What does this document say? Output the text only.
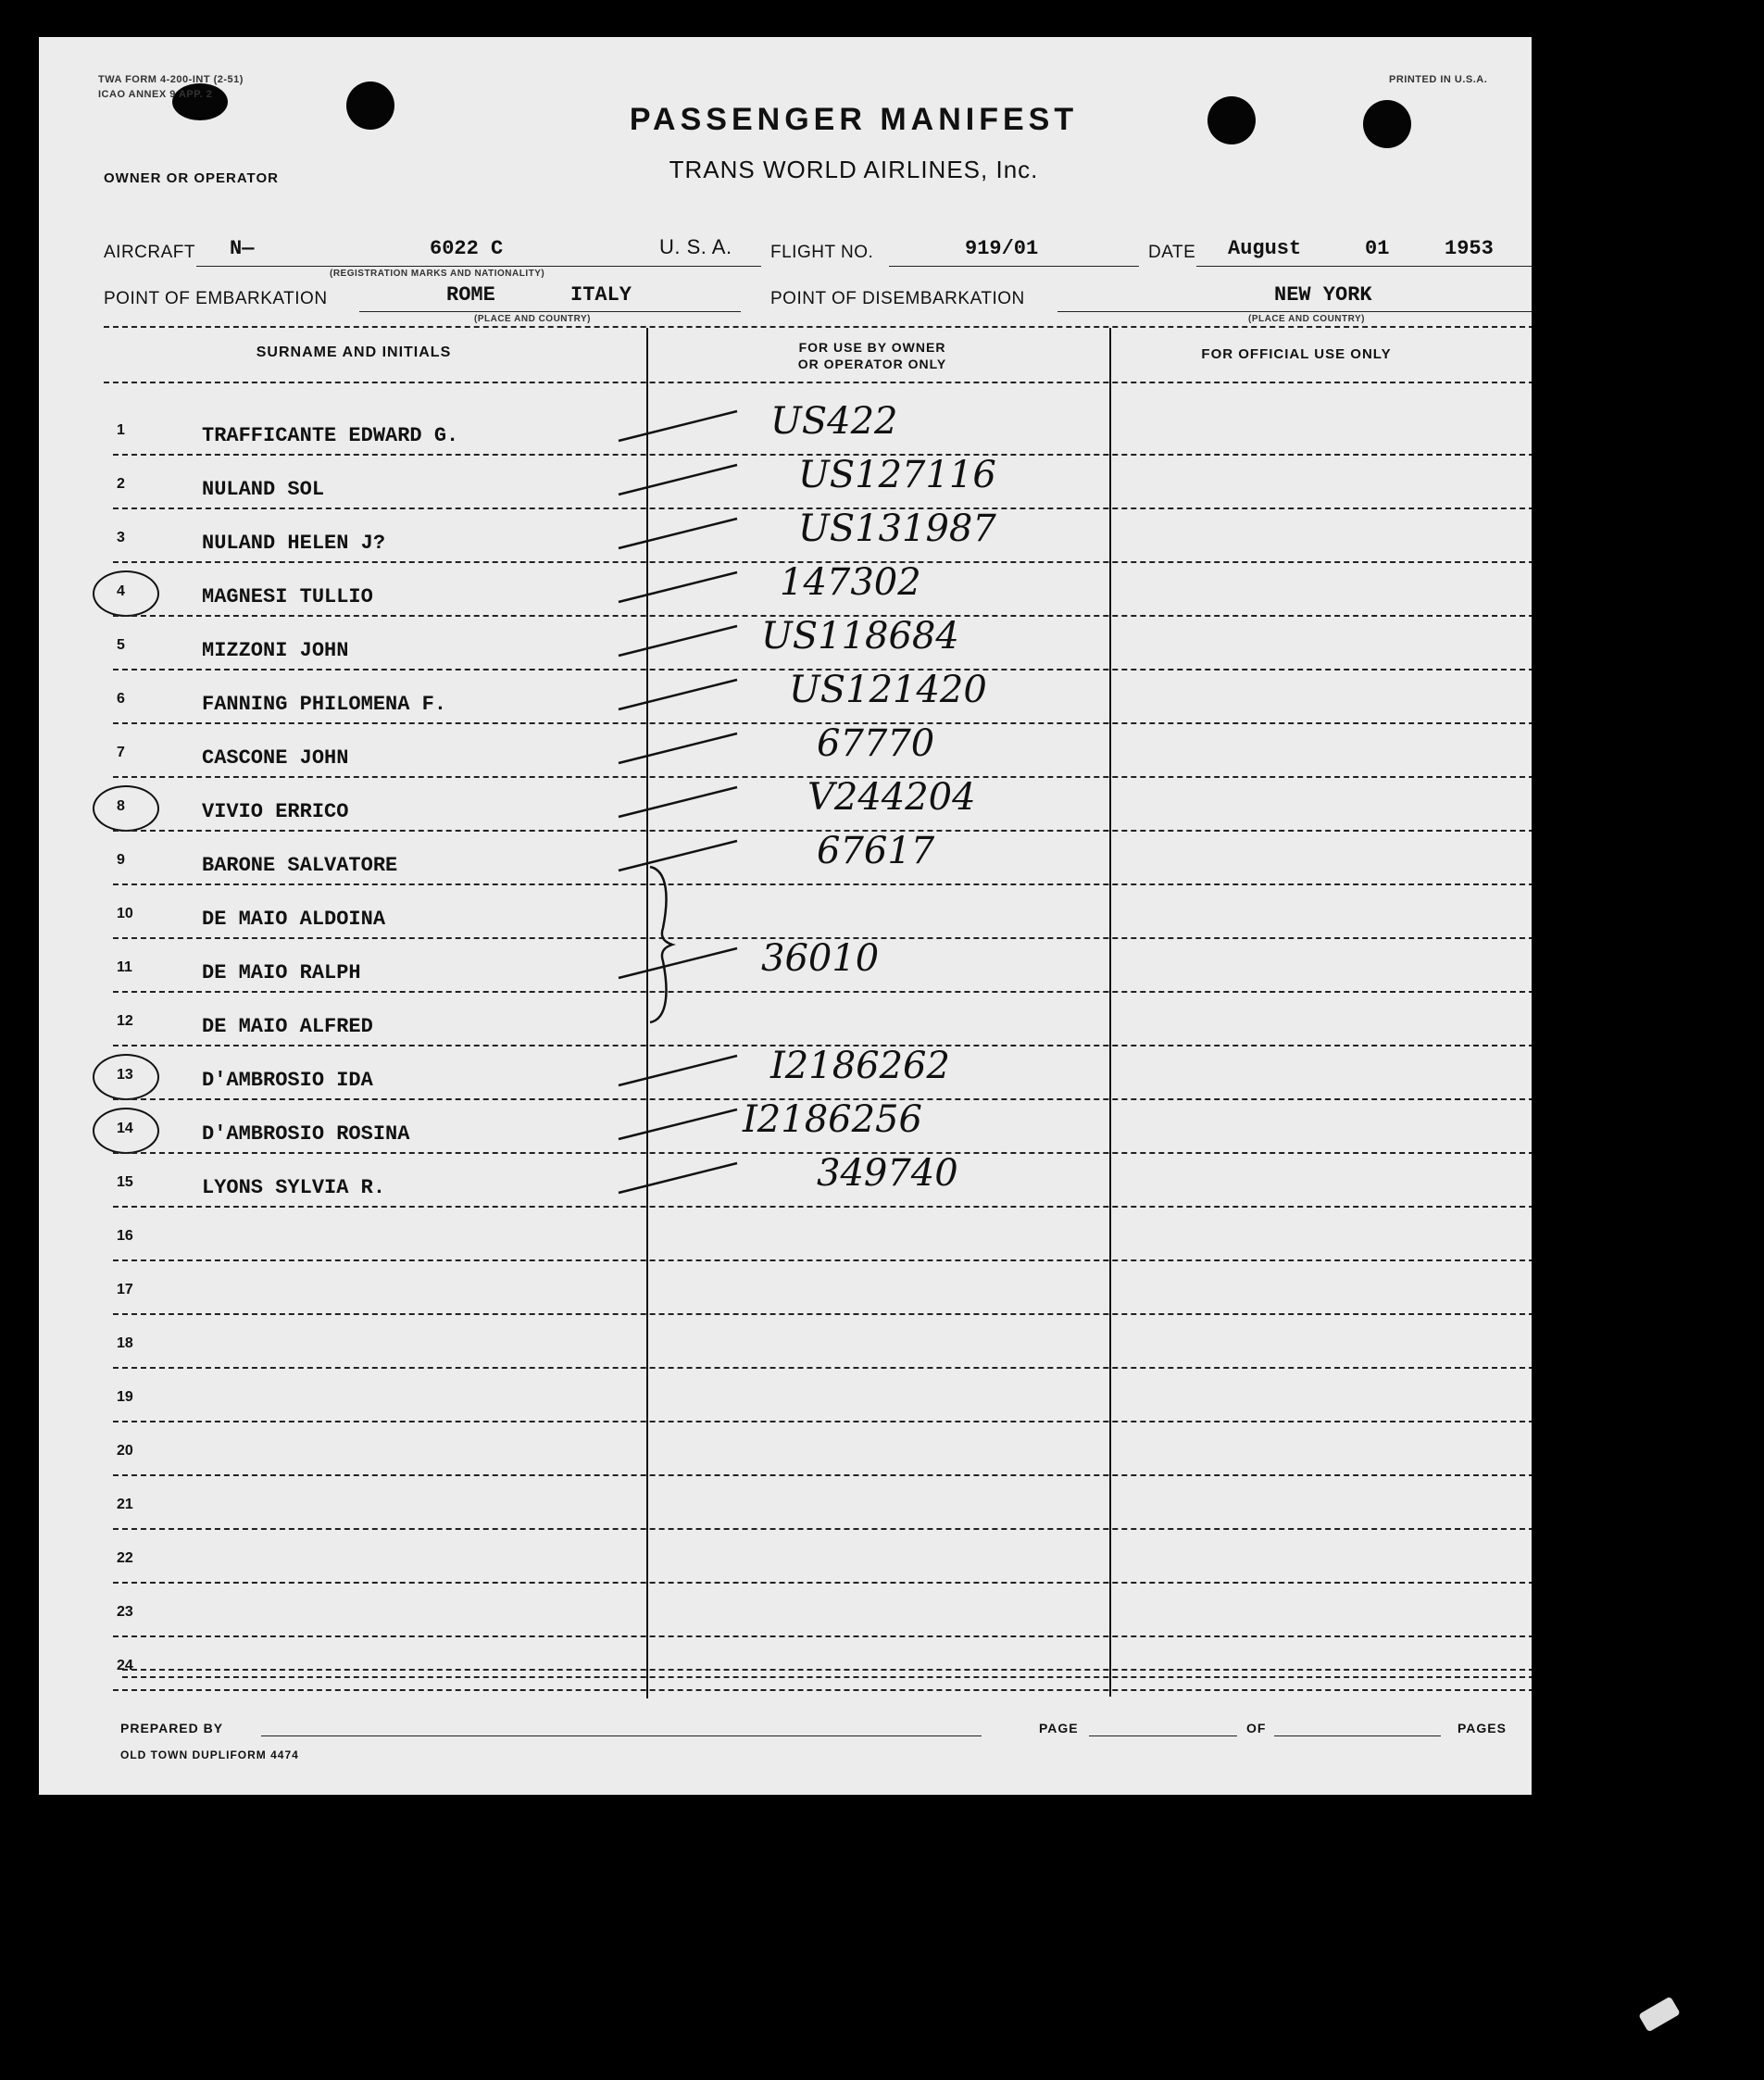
TWA FORM 4-200-INT (2-51)
ICAO ANNEX 9 APP. 2
PRINTED IN U.S.A.
PASSENGER MANIFEST
TRANS WORLD AIRLINES, Inc.
OWNER OR OPERATOR
AIRCRAFT N—	6022 C	U. S. A.
(REGISTRATION MARKS AND NATIONALITY)
FLIGHT NO.	919/01	DATE August	01	1953
POINT OF EMBARKATION	ROME	ITALY
(PLACE AND COUNTRY)
POINT OF DISEMBARKATION	NEW YORK
(PLACE AND COUNTRY)
SURNAME AND INITIALS	FOR USE BY OWNER
OR OPERATOR ONLY
FOR OFFICIAL USE ONLY
1	TRAFFICANTE EDWARD G.	US422
2	NULAND SOL	US127116
3	NULAND HELEN J?	US131987
4	MAGNESI TULLIO	147302
5	MIZZONI JOHN	US118684
6	FANNING PHILOMENA F.	US121420
7	CASCONE JOHN	67770
8	VIVIO ERRICO	V244204
9	BARONE SALVATORE	67617
10	DE MAIO ALDOINA
11	DE MAIO RALPH	36010
12	DE MAIO ALFRED
13	D'AMBROSIO IDA	I2186262
14	D'AMBROSIO ROSINA	I2186256
15	LYONS SYLVIA R.	349740
16
17
18
19
20
21
22
23
24
PREPARED BY	PAGE	OF	PAGES
OLD TOWN DUPLIFORM 4474
